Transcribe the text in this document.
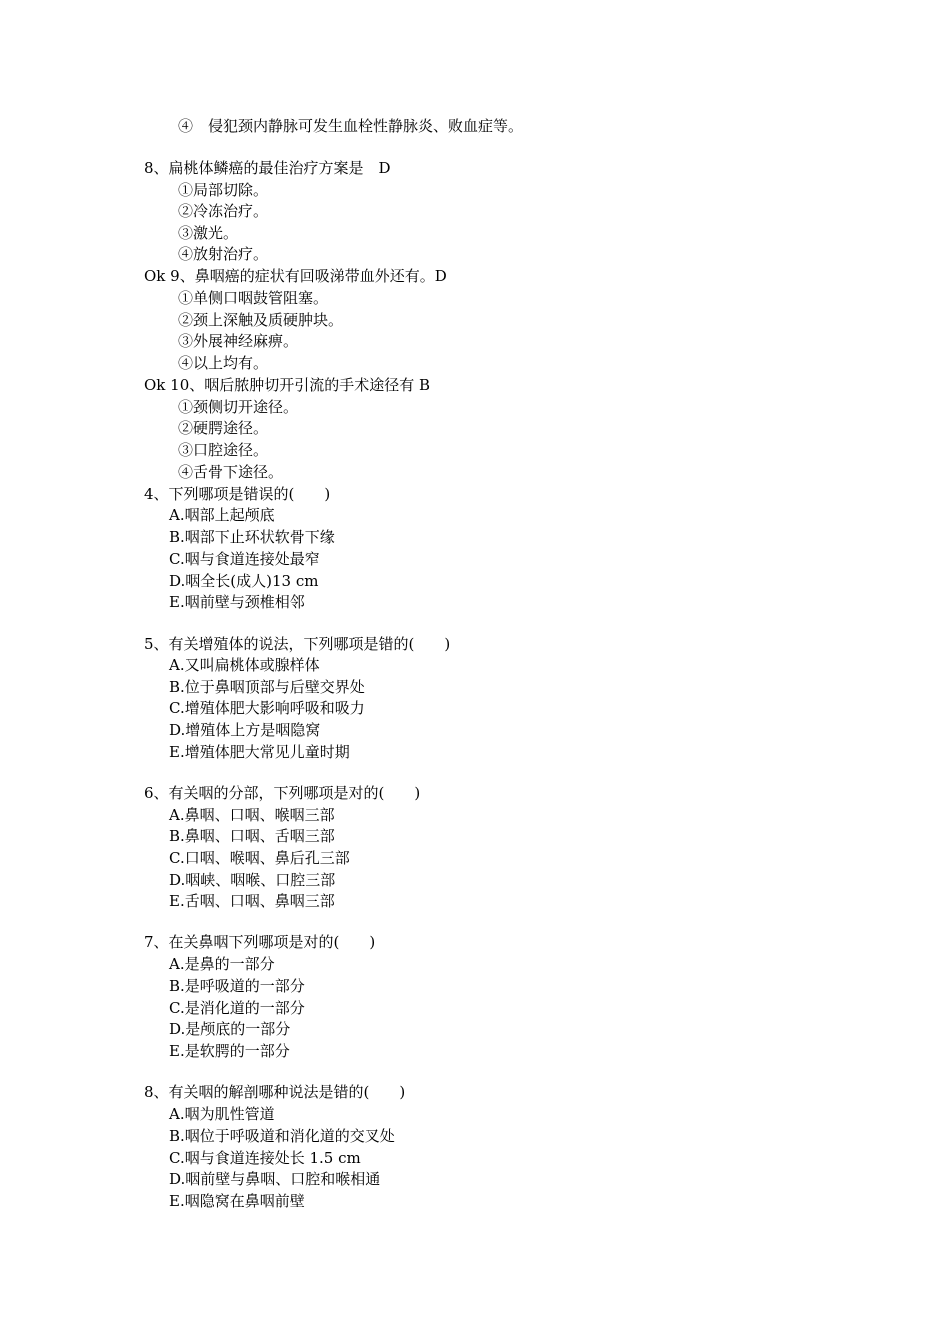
④　侵犯颈内静脉可发生血栓性静脉炎、败血症等。
8、扁桃体鳞癌的最佳治疗方案是　D
①局部切除。
②冷冻治疗。
③激光。
④放射治疗。
Ok 9、鼻咽癌的症状有回吸涕带血外还有。D
①单侧口咽鼓管阻塞。
②颈上深触及质硬肿块。
③外展神经麻痹。
④以上均有。
Ok 10、咽后脓肿切开引流的手术途径有 B
①颈侧切开途径。
②硬腭途径。
③口腔途径。
④舌骨下途径。
4、下列哪项是错误的(　　)
A.咽部上起颅底
B.咽部下止环状软骨下缘
C.咽与食道连接处最窄
D.咽全长(成人)13 cm
E.咽前壁与颈椎相邻
5、有关增殖体的说法，下列哪项是错的(　　)
A.又叫扁桃体或腺样体
B.位于鼻咽顶部与后壁交界处
C.增殖体肥大影响呼吸和吸力
D.增殖体上方是咽隐窝
E.增殖体肥大常见儿童时期
6、有关咽的分部，下列哪项是对的(　　)
A.鼻咽、口咽、喉咽三部
B.鼻咽、口咽、舌咽三部
C.口咽、喉咽、鼻后孔三部
D.咽峡、咽喉、口腔三部
E.舌咽、口咽、鼻咽三部
7、在关鼻咽下列哪项是对的(　　)
A.是鼻的一部分
B.是呼吸道的一部分
C.是消化道的一部分
D.是颅底的一部分
E.是软腭的一部分
8、有关咽的解剖哪种说法是错的(　　)
A.咽为肌性管道
B.咽位于呼吸道和消化道的交叉处
C.咽与食道连接处长 1.5 cm
D.咽前壁与鼻咽、口腔和喉相通
E.咽隐窝在鼻咽前壁
